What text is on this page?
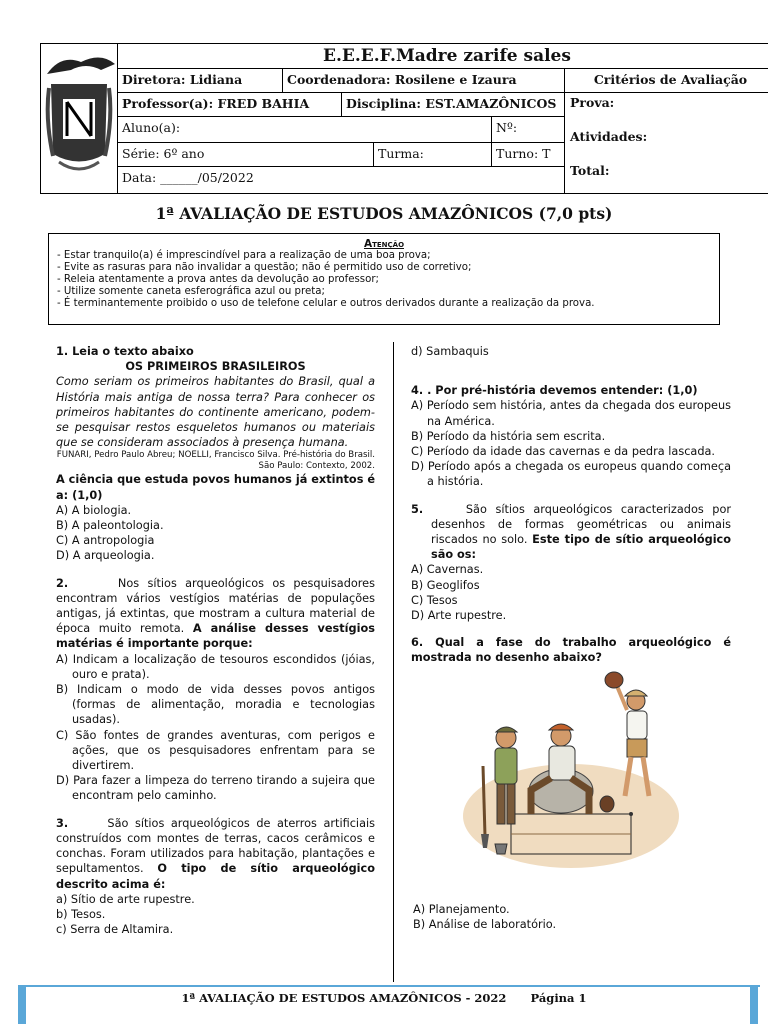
E.E.E.F.Madre zarife sales
Diretora: Lidiana	Coordenadora: Rosilene e Izaura	Critérios de Avaliação
Professor(a): FRED BAHIA	Disciplina: EST.AMAZÔNICOS
Aluno(a):	Nº:
Série: 6º ano	Turma:	Turno: T
Data: ______/05/2022
Prova:
Atividades:
Total:
1ª AVALIAÇÃO DE ESTUDOS AMAZÔNICOS (7,0 pts)
Atenção
- Estar tranquilo(a) é imprescindível para a realização de uma boa prova;
- Evite as rasuras para não invalidar a questão; não é permitido uso de corretivo;
- Releia atentamente a prova antes da devolução ao professor;
- Utilize somente caneta esferográfica azul ou preta;
- É terminantemente proibido o uso de telefone celular e outros derivados durante a realização da prova.
1. Leia o texto abaixo
OS PRIMEIROS BRASILEIROS
Como seriam os primeiros habitantes do Brasil, qual a História mais antiga de nossa terra? Para conhecer os primeiros habitantes do continente americano, podem-se pesquisar restos esqueletos humanos ou materiais que se consideram associados à presença humana.
FUNARI, Pedro Paulo Abreu; NOELLI, Francisco Silva. Pré-história do Brasil. São Paulo: Contexto, 2002.
A ciência que estuda povos humanos já extintos é a: (1,0)
A) A biologia.
B) A paleontologia.
C) A antropologia
D) A arqueologia.
2.	Nos sítios arqueológicos os pesquisadores encontram vários vestígios matérias de populações antigas, já extintas, que mostram a cultura material de época muito remota. A análise desses vestígios matérias é importante porque:
A) Indicam a localização de tesouros escondidos (jóias, ouro e prata).
B) Indicam o modo de vida desses povos antigos (formas de alimentação, moradia e tecnologias usadas).
C) São fontes de grandes aventuras, com perigos e ações, que os pesquisadores enfrentam para se divertirem.
D) Para fazer a limpeza do terreno tirando a sujeira que encontram pelo caminho.
3.	São sítios arqueológicos de aterros artificiais construídos com montes de terras, cacos cerâmicos e conchas. Foram utilizados para habitação, plantações e sepultamentos. O tipo de sítio arqueológico descrito acima é:
a) Sítio de arte rupestre.
b) Tesos.
c) Serra de Altamira.
d) Sambaquis
4. . Por pré-história devemos entender: (1,0)
A) Período sem história, antes da chegada dos europeus na América.
B) Período da história sem escrita.
C) Período da idade das cavernas e da pedra lascada.
D) Período após a chegada os europeus quando começa a história.
5.	São sítios arqueológicos caracterizados por desenhos de formas geométricas ou animais riscados no solo. Este tipo de sítio arqueológico são os:
A) Cavernas.
B) Geoglifos
C) Tesos
D) Arte rupestre.
6. Qual a fase do trabalho arqueológico é mostrada no desenho abaixo?
A) Planejamento.
B) Análise de laboratório.
1ª AVALIAÇÃO DE ESTUDOS AMAZÔNICOS - 2022 Página 1
